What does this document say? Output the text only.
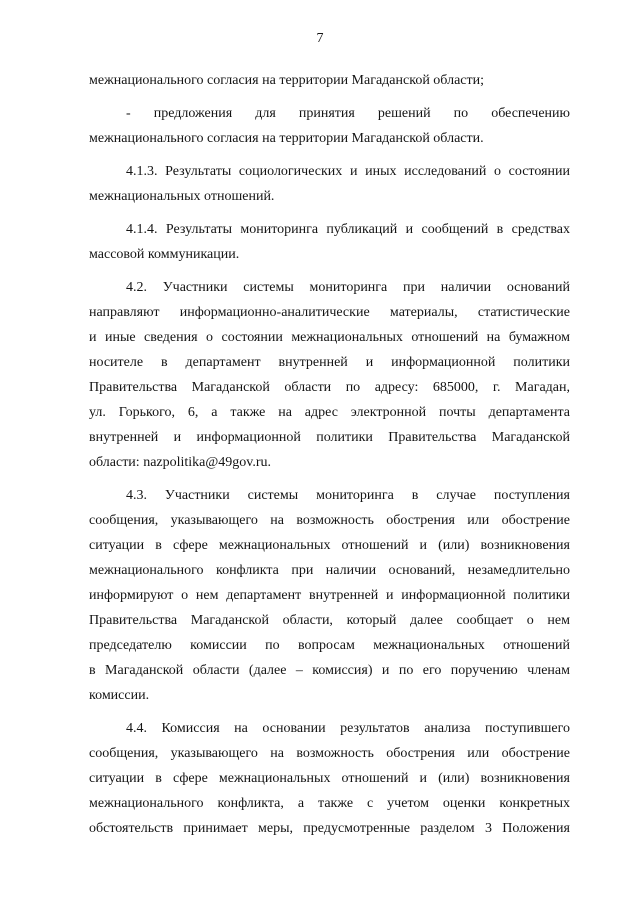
7

межнационального согласия на территории Магаданской области;

- предложения для принятия решений по обеспечению

межнационального согласия на территории Магаданской области.

4.1.3. Результаты социологических и иных исследований о состоянии

межнациональных отношений.

4.1.4. Результаты мониторинга публикаций и сообщений в средствах

массовой коммуникации.

4.2. Участники системы мониторинга при наличии оснований

направляют информационно-аналитические материалы, статистические

и иные сведения о состоянии межнациональных отношений на бумажном

носителе в департамент внутренней и информационной политики

Правительства Магаданской области по адресу: 685000, г. Магадан,

ул. Горького, 6, а также на адрес электронной почты департамента

внутренней и информационной политики Правительства Магаданской

области: nazpolitika@49gov.ru.

4.3. Участники системы мониторинга в случае поступления

сообщения, указывающего на возможность обострения или обострение

ситуации в сфере межнациональных отношений и (или) возникновения

межнационального конфликта при наличии оснований, незамедлительно

информируют о нем департамент внутренней и информационной политики

Правительства Магаданской области, который далее сообщает о нем

председателю комиссии по вопросам межнациональных отношений

в Магаданской области (далее – комиссия) и по его поручению членам

комиссии.

4.4. Комиссия на основании результатов анализа поступившего

сообщения, указывающего на возможность обострения или обострение

ситуации в сфере межнациональных отношений и (или) возникновения

межнационального конфликта, а также с учетом оценки конкретных

обстоятельств принимает меры, предусмотренные разделом 3 Положения
